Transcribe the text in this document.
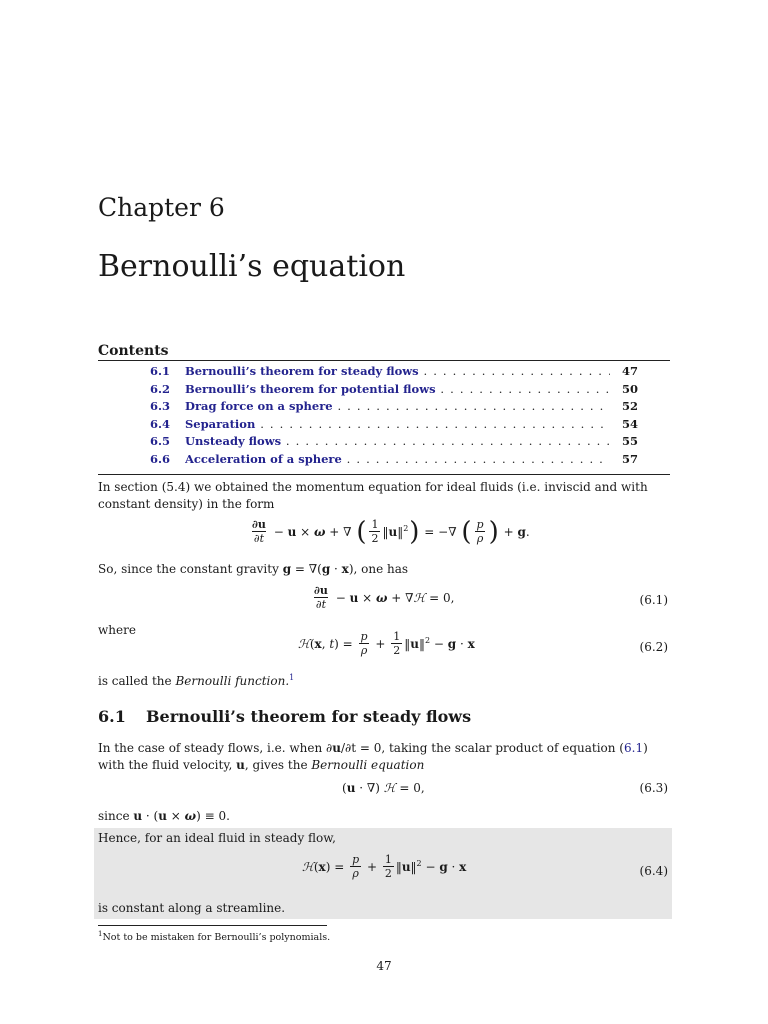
Chapter 6
Bernoulli’s equation
Contents
6.1 Bernoulli’s theorem for steady flows . . .	47
6.2 Bernoulli’s theorem for potential flows . . .	50
6.3 Drag force on a sphere . . .	52
6.4 Separation . . .	54
6.5 Unsteady flows . . .	55
6.6 Acceleration of a sphere . . .	57
In section (5.4) we obtained the momentum equation for ideal fluids (i.e. inviscid and with
constant density) in the form
$\frac{\partial u}{\partial t} - u \times \omega$ + ∇ ( $\frac{1}{2}$ ‖u‖$^2$ ) = −∇ ( $\frac{p}{\rho}$ ) + g.
So, since the constant gravity g = ∇(g · x), one has
$\frac{\partial u}{\partial t} - u \times \omega$ + ∇ℋ = 0,	(6.1)
where
ℋ(x, $t) = \frac{p}{\rho} + \frac{1}{2}$ ‖u‖$^2$ − g · x	(6.2)
is called the Bernoulli function.$^1$
6.1 Bernoulli’s theorem for steady flows
In the case of steady flows, i.e. when ∂u/∂t = 0, taking the scalar product of equation (6.1)
with the fluid velocity, u, gives the Bernoulli equation
(u · ∇) ℋ = 0,	(6.3)
since u · (u × ω) ≡ 0.
Hence, for an ideal fluid in steady flow,
ℋ(x) = $\frac{p}{\rho} + \frac{1}{2}$ ‖u‖$^2$ − g · x	(6.4)
is constant along a streamline.
$^1$Not to be mistaken for Bernoulli’s polynomials.
47
